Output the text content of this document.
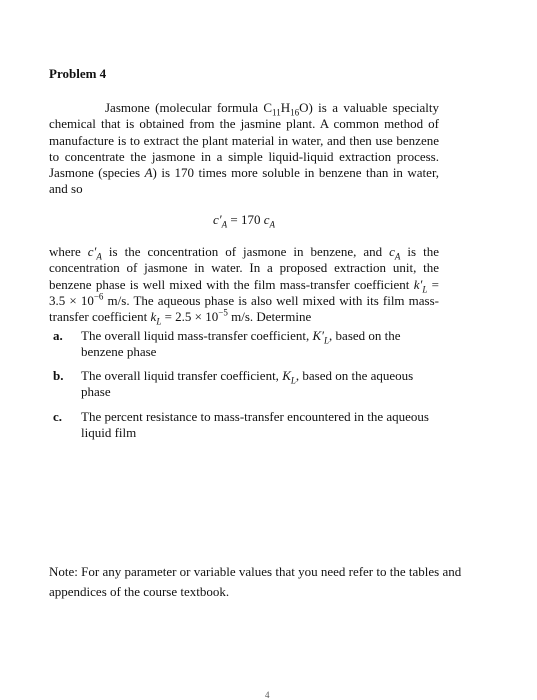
Problem 4

Jasmone (molecular formula $C_{11}H_{16}O$) is a valuable specialty chemical that is obtained from the jasmine plant. A common method of manufacture is to extract the plant material in water, and then use benzene to concentrate the jasmone in a simple liquid-liquid extraction process. Jasmone (species A) is 170 times more soluble in benzene than in water, and so

$c'_A = 170$ $c_A$

where $c'_A$ is the concentration of jasmone in benzene, and $c_A$ is the concentration of jasmone in water. In a proposed extraction unit, the benzene phase is well mixed with the film mass-transfer coefficient $k'_L = 3.5 \times 10^{-6}$ m/s. The aqueous phase is also well mixed with its film mass-transfer coefficient $k_L = 2.5 \times 10^{-5}$ m/s. Determine

a. The overall liquid mass-transfer coefficient, $K'_L$, based on the benzene phase
b. The overall liquid transfer coefficient, $K_L$, based on the aqueous phase
c. The percent resistance to mass-transfer encountered in the aqueous liquid film
Note: For any parameter or variable values that you need refer to the tables and appendices of the course textbook.
4
